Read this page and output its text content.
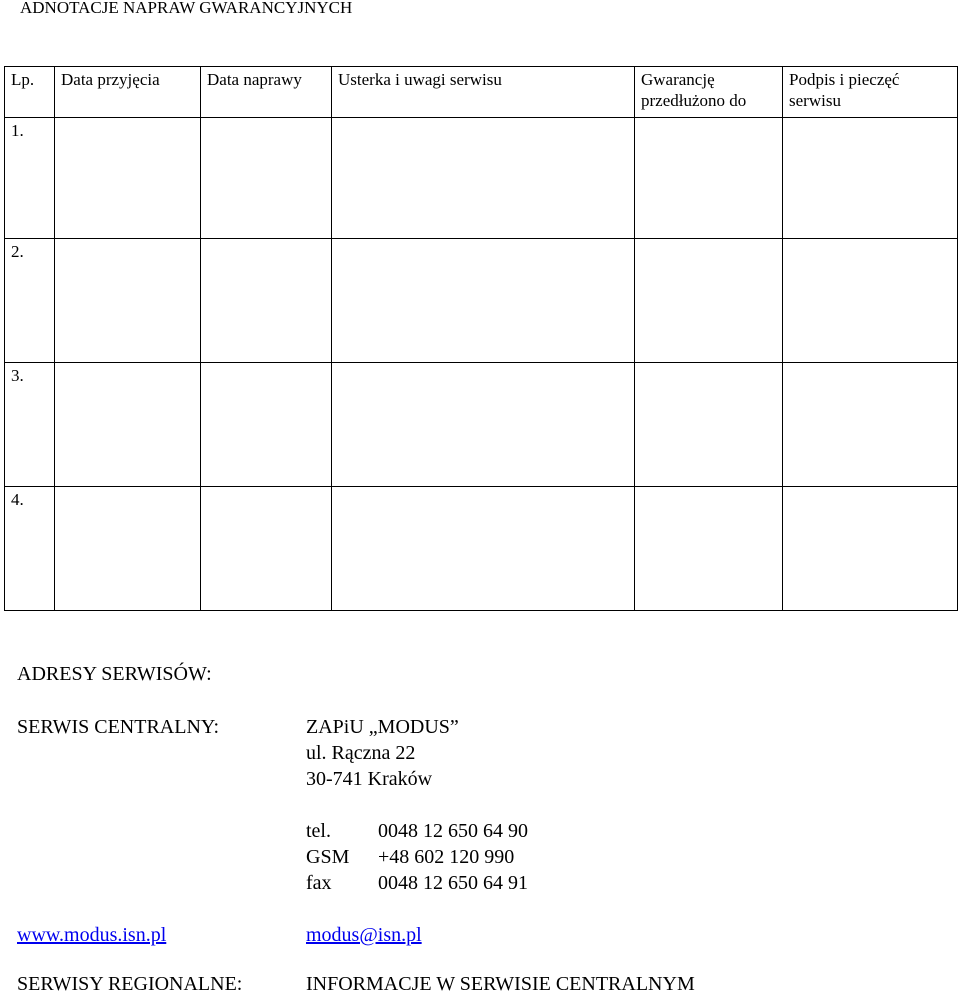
ADNOTACJE NAPRAW GWARANCYJNYCH
Lp.	Data przyjęcia	Data naprawy	Usterka i uwagi serwisu	Gwarancję przedłużono do	Podpis i pieczęć serwisu
1.					
2.					
3.					
4.					
ADRESY SERWISÓW:
SERWIS CENTRALNY:	ZAPiU „MODUS”
ul. Rączna 22
30-741 Kraków
tel. 0048 12 650 64 90
GSM +48 602 120 990
fax 0048 12 650 64 91
www.modus.isn.pl	modus@isn.pl
SERWISY REGIONALNE:	INFORMACJE W SERWISIE CENTRALNYM
